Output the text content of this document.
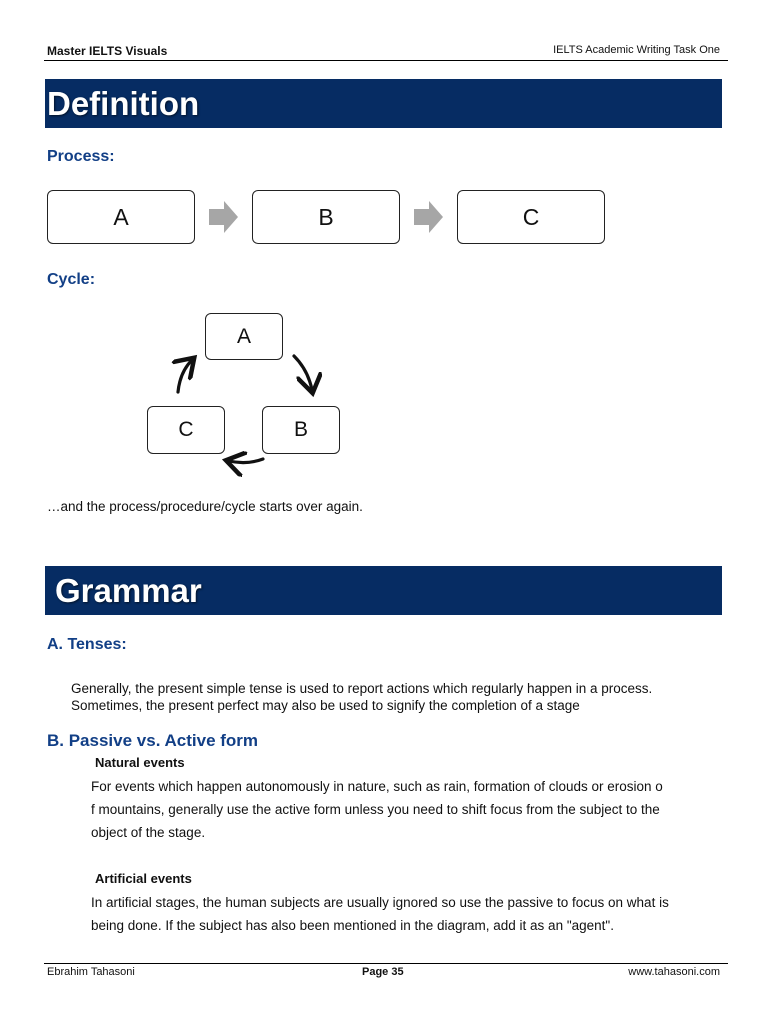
Master IELTS Visuals	IELTS Academic Writing Task One
Definition
Process:
A	B	C
Cycle:
A
B
C
…and the process/procedure/cycle starts over again.
Grammar
A. Tenses:
Generally, the present simple tense is used to report actions which regularly happen in a process.
Sometimes, the present perfect may also be used to signify the completion of a stage
B. Passive vs. Active form
Natural events
For events which happen autonomously in nature, such as rain, formation of clouds or erosion o
f mountains, generally use the active form unless you need to shift focus from the subject to the
object of the stage.
Artificial events
In artificial stages, the human subjects are usually ignored so use the passive to focus on what is
being done. If the subject has also been mentioned in the diagram, add it as an "agent".
Ebrahim Tahasoni	Page 35	www.tahasoni.com
